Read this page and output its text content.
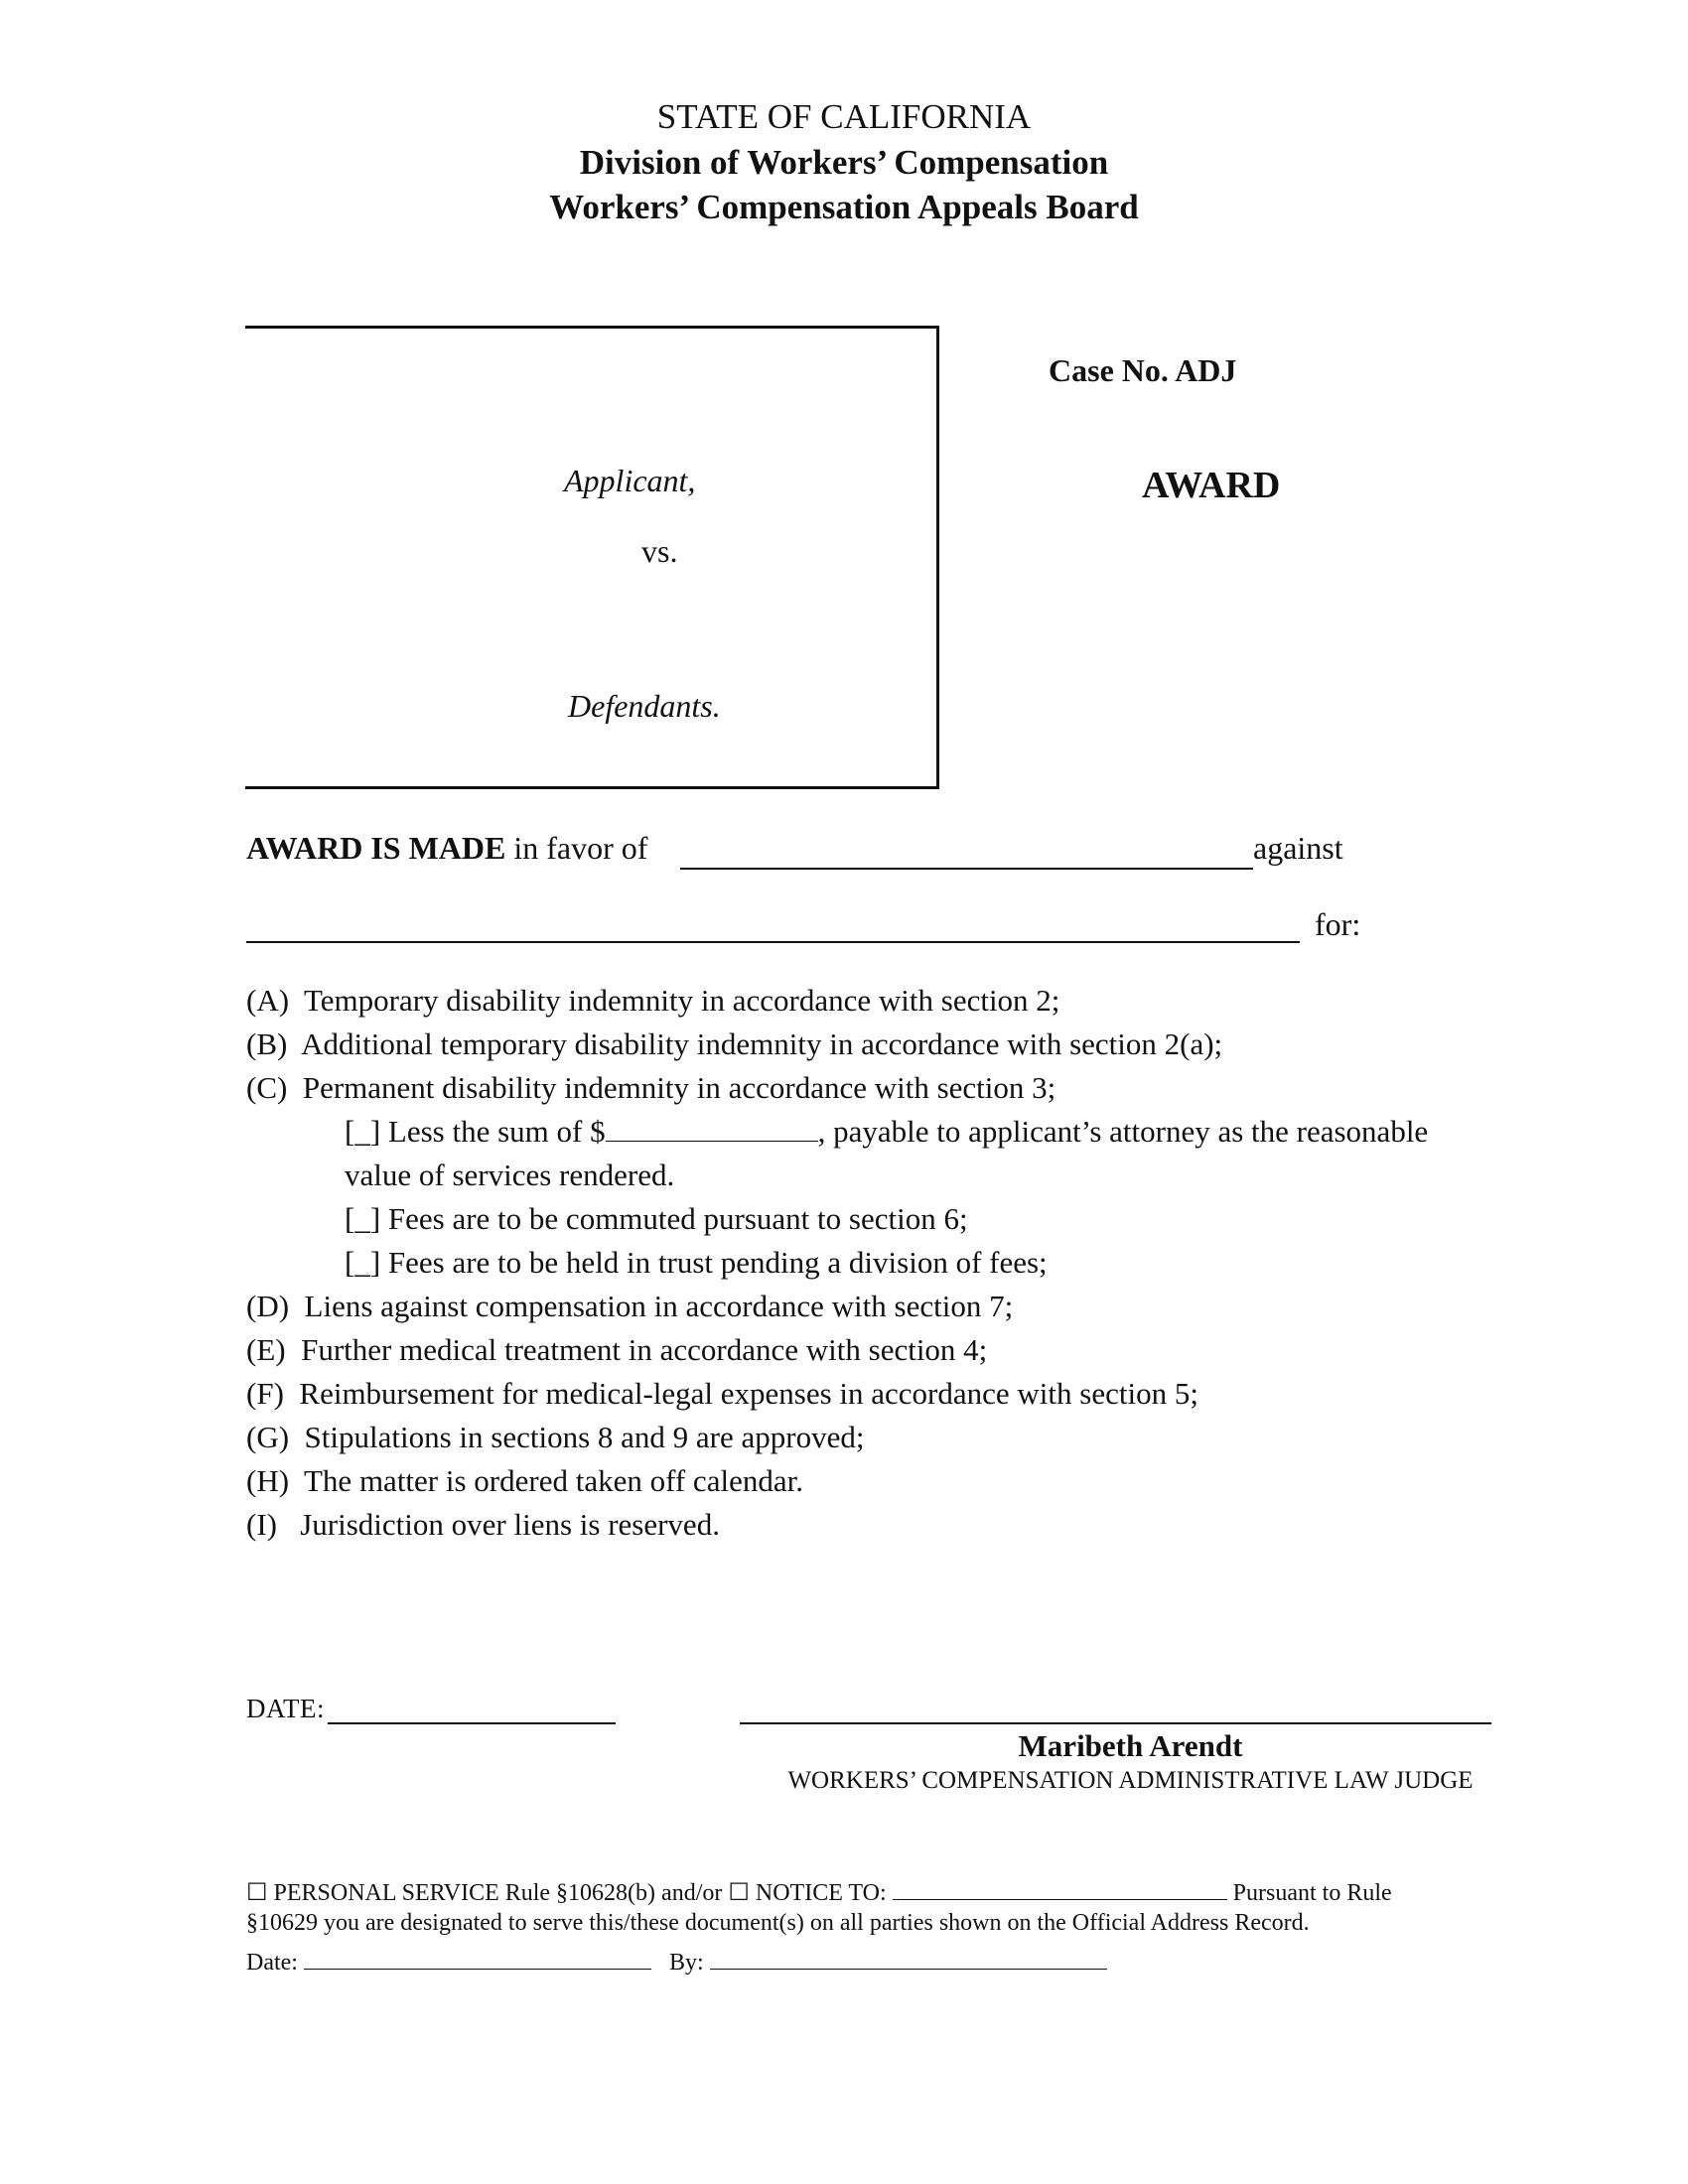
STATE OF CALIFORNIA
Division of Workers’ Compensation
Workers’ Compensation Appeals Board
Applicant,
vs.
Defendants.
Case No. ADJ
AWARD
AWARD IS MADE in favor of	against
for:
(A) Temporary disability indemnity in accordance with section 2;
(B) Additional temporary disability indemnity in accordance with section 2(a);
(C) Permanent disability indemnity in accordance with section 3;
[_] Less the sum of $	, payable to applicant’s attorney as the reasonable
value of services rendered.
[_] Fees are to be commuted pursuant to section 6;
[_] Fees are to be held in trust pending a division of fees;
(D) Liens against compensation in accordance with section 7;
(E) Further medical treatment in accordance with section 4;
(F) Reimbursement for medical-legal expenses in accordance with section 5;
(G) Stipulations in sections 8 and 9 are approved;
(H) The matter is ordered taken off calendar.
(I) Jurisdiction over liens is reserved.
DATE:
Maribeth Arendt
WORKERS’ COMPENSATION ADMINISTRATIVE LAW JUDGE
☐ PERSONAL SERVICE Rule §10628(b) and/or ☐ NOTICE TO:	Pursuant to Rule
§10629 you are designated to serve this/these document(s) on all parties shown on the Official Address Record.
Date:	By:
